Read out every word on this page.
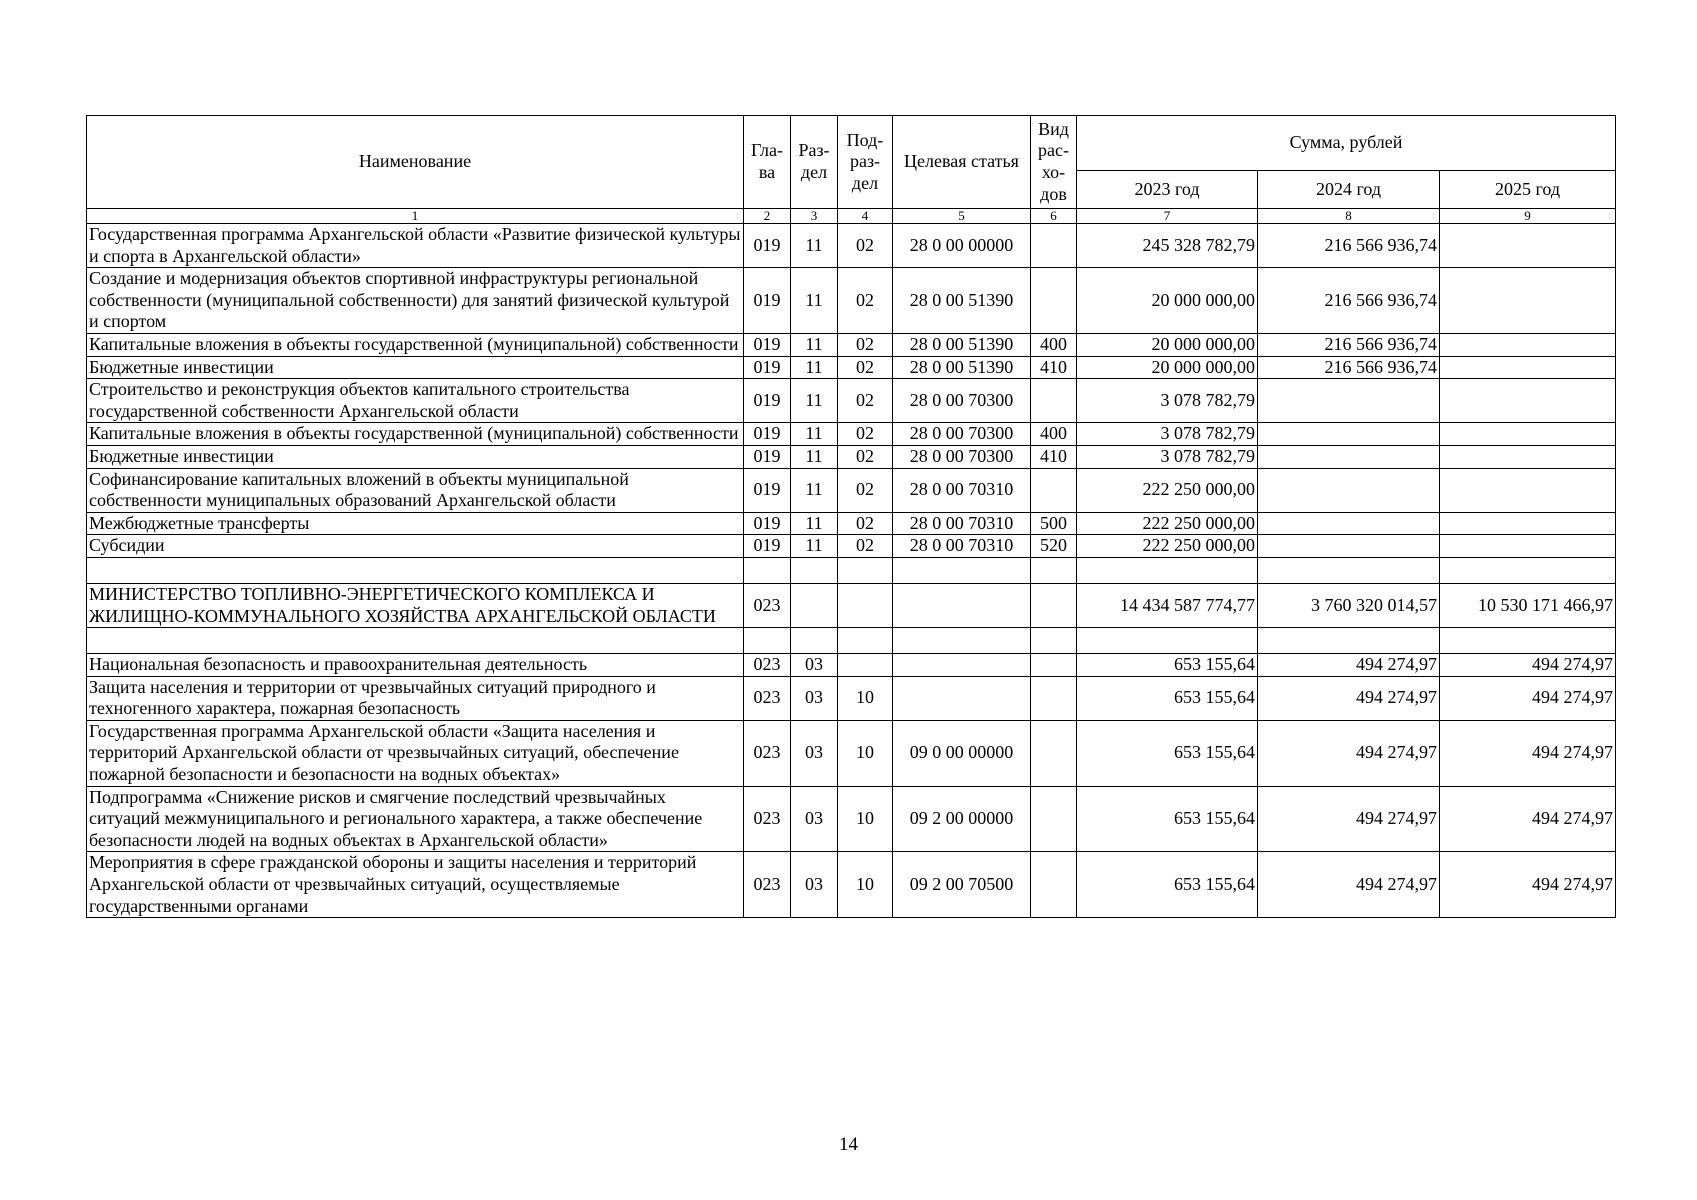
Наименование	Гла-ва	Раз-дел	Под-раз-дел	Целевая статья	Вид рас-хо-дов	Сумма, рублей		
						2023 год	2024 год	2025 год
1	2	3	4	5	6	7	8	9
Государственная программа Архангельской области «Развитие физической культуры и спорта в Архангельской области»	019	11	02	28 0 00 00000		245 328 782,79	216 566 936,74	
Создание и модернизация объектов спортивной инфраструктуры региональной собственности (муниципальной собственности) для занятий физической культурой и спортом	019	11	02	28 0 00 51390		20 000 000,00	216 566 936,74	
Капитальные вложения в объекты государственной (муниципальной) собственности	019	11	02	28 0 00 51390	400	20 000 000,00	216 566 936,74	
Бюджетные инвестиции	019	11	02	28 0 00 51390	410	20 000 000,00	216 566 936,74	
Строительство и реконструкция объектов капитального строительства государственной собственности Архангельской области	019	11	02	28 0 00 70300		3 078 782,79		
Капитальные вложения в объекты государственной (муниципальной) собственности	019	11	02	28 0 00 70300	400	3 078 782,79		
Бюджетные инвестиции	019	11	02	28 0 00 70300	410	3 078 782,79		
Софинансирование капитальных вложений в объекты муниципальной собственности муниципальных образований Архангельской области	019	11	02	28 0 00 70310		222 250 000,00		
Межбюджетные трансферты	019	11	02	28 0 00 70310	500	222 250 000,00		
Субсидии	019	11	02	28 0 00 70310	520	222 250 000,00		

МИНИСТЕРСТВО ТОПЛИВНО-ЭНЕРГЕТИЧЕСКОГО КОМПЛЕКСА И ЖИЛИЩНО-КОММУНАЛЬНОГО ХОЗЯЙСТВА АРХАНГЕЛЬСКОЙ ОБЛАСТИ	023					14 434 587 774,77	3 760 320 014,57	10 530 171 466,97

Национальная безопасность и правоохранительная деятельность	023	03				653 155,64	494 274,97	494 274,97
Защита населения и территории от чрезвычайных ситуаций природного и техногенного характера, пожарная безопасность	023	03	10			653 155,64	494 274,97	494 274,97
Государственная программа Архангельской области «Защита населения и территорий Архангельской области от чрезвычайных ситуаций, обеспечение пожарной безопасности и безопасности на водных объектах»	023	03	10	09 0 00 00000		653 155,64	494 274,97	494 274,97
Подпрограмма «Снижение рисков и смягчение последствий чрезвычайных ситуаций межмуниципального и регионального характера, а также обеспечение безопасности людей на водных объектах в Архангельской области»	023	03	10	09 2 00 00000		653 155,64	494 274,97	494 274,97
Мероприятия в сфере гражданской обороны и защиты населения и территорий Архангельской области от чрезвычайных ситуаций, осуществляемые государственными органами	023	03	10	09 2 00 70500		653 155,64	494 274,97	494 274,97
14
